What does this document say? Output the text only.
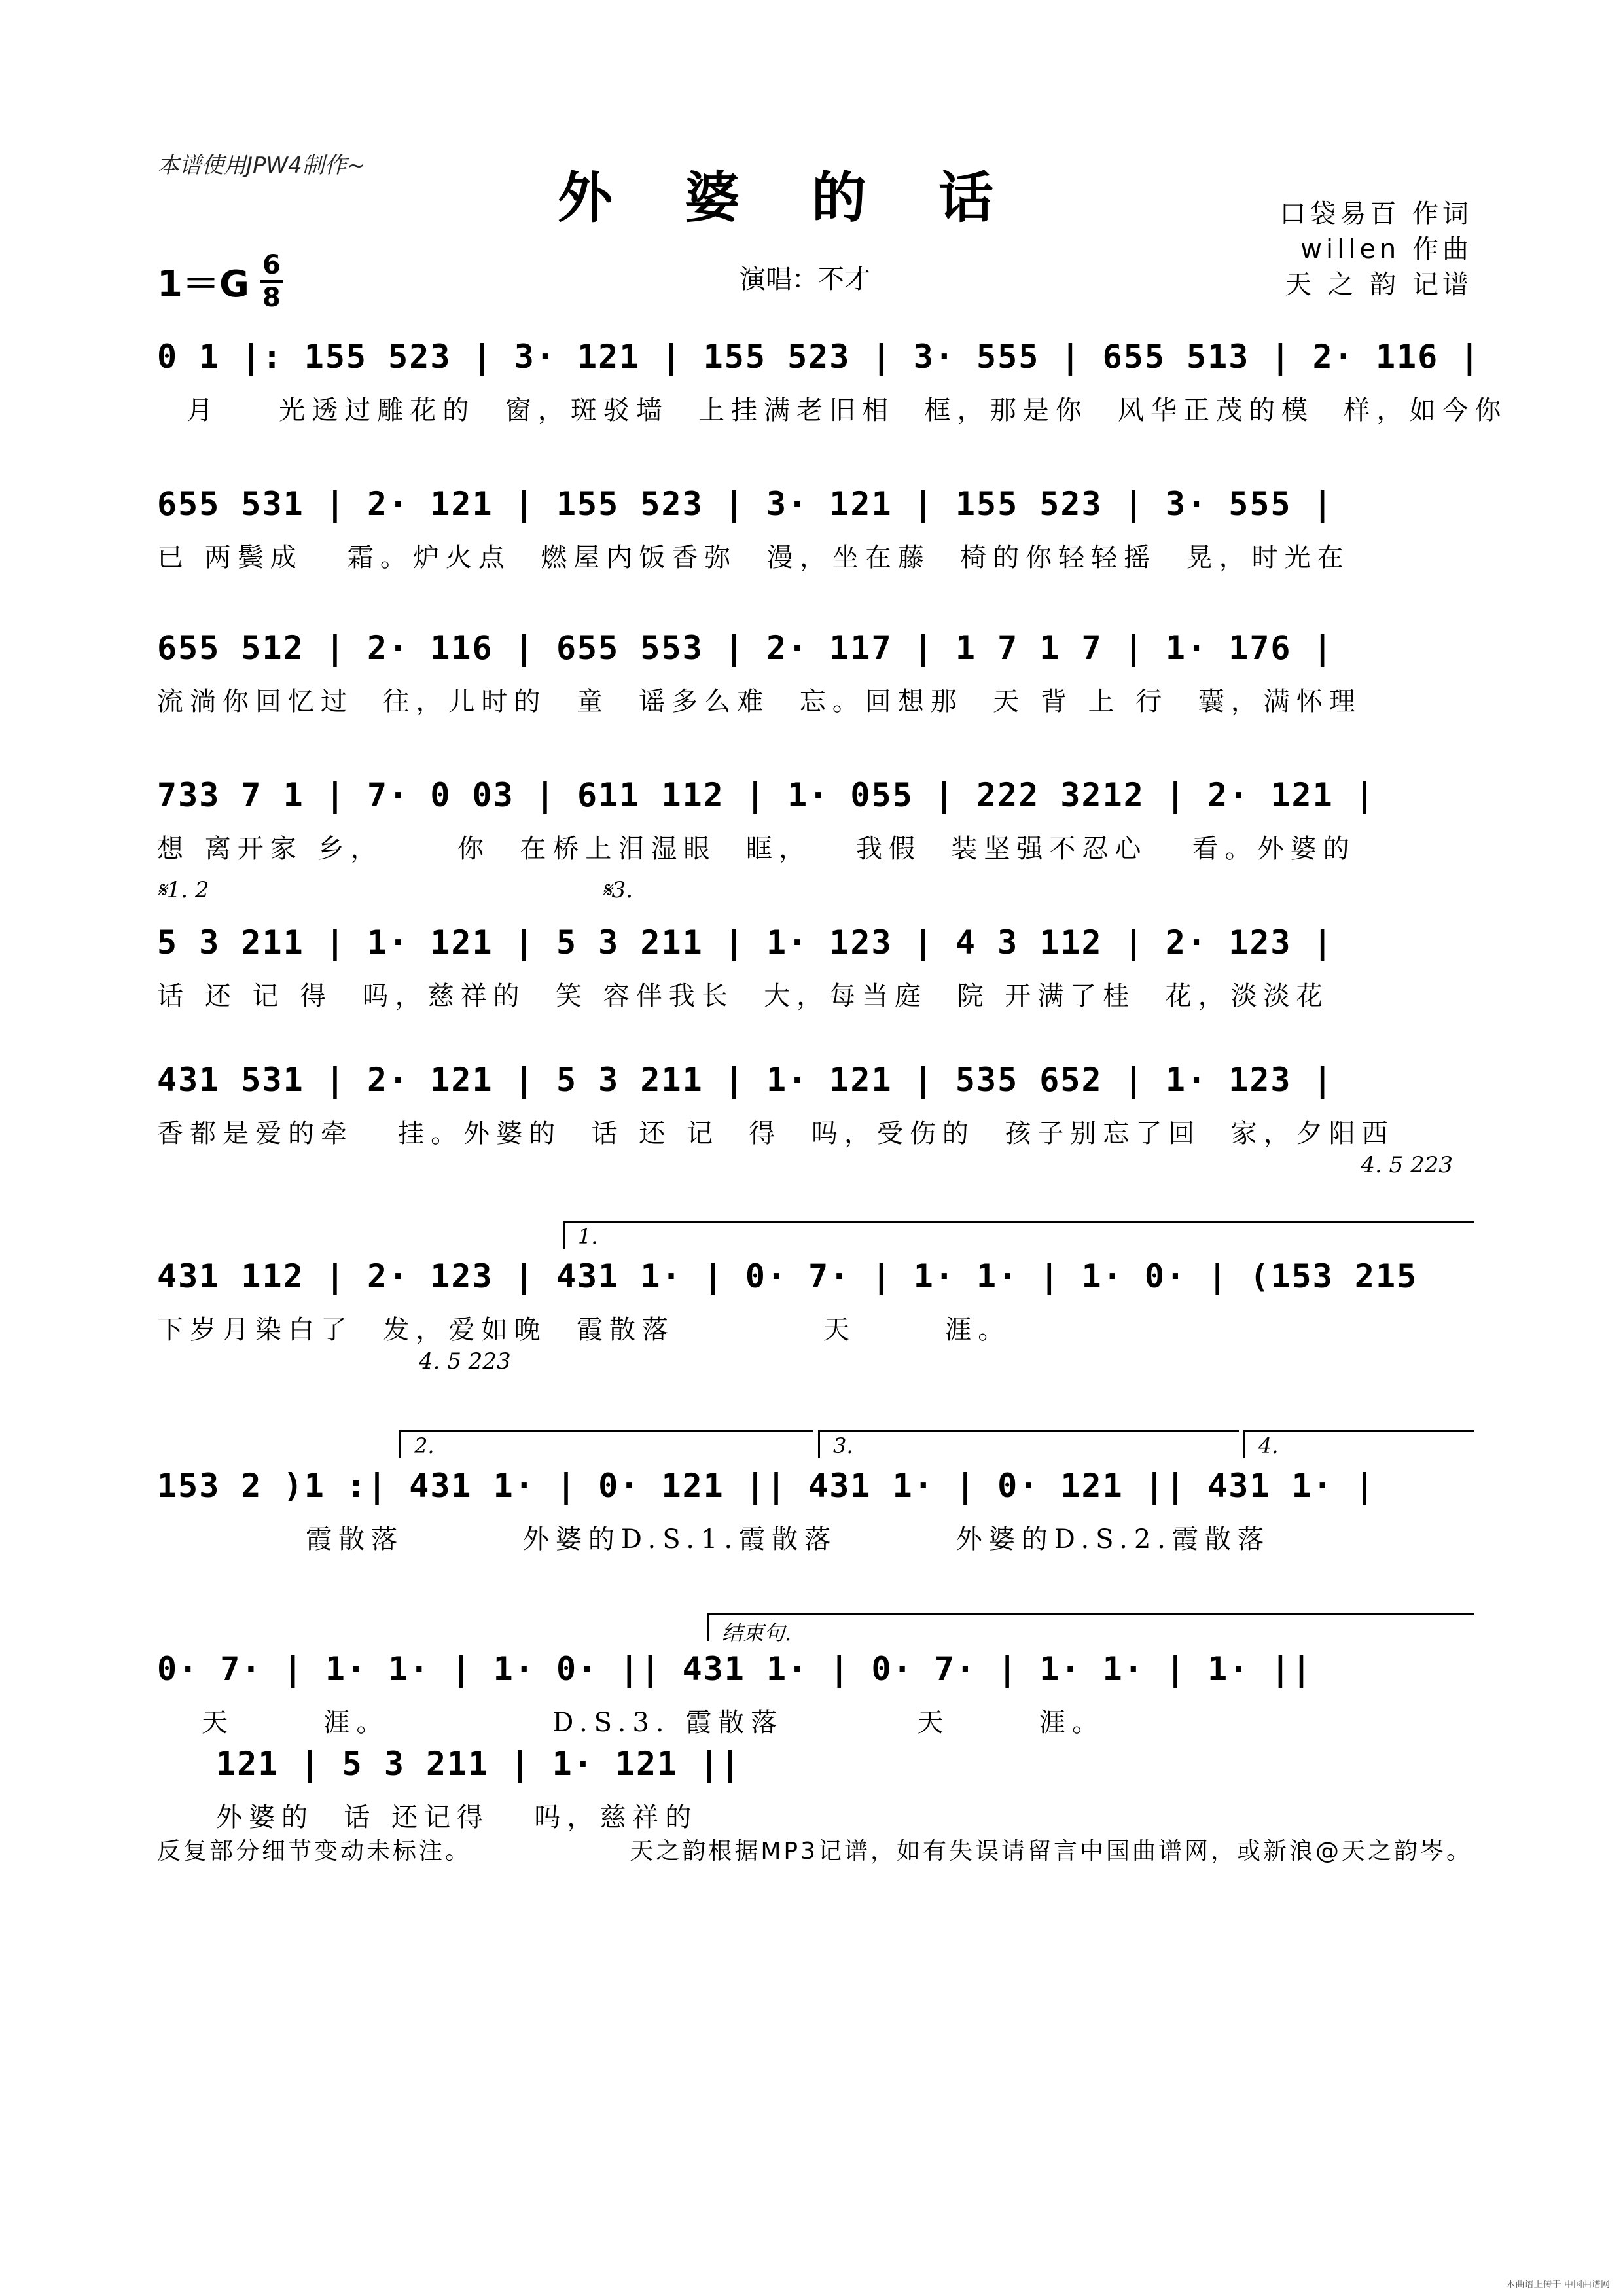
本谱使用JPW4制作~	外婆的话
$1=G \frac{6}{8}$	演唱：不才
口袋易百 作词
willen 作曲
天 之 韵 记谱
0 1 |: 155 523 | 3· 121 | 155 523 | 3· 555 | 655 513 | 2· 116 |
月    光透过雕花的  窗，斑驳墙  上挂满老旧相  框，那是你  风华正茂的模  样，如今你
655 531 | 2· 121 | 155 523 | 3· 121 | 155 523 | 3· 555 |
已 两鬓成   霜。炉火点  燃屋内饭香弥  漫，坐在藤  椅的你轻轻摇  晃，时光在
655 512 | 2· 116 | 655 553 | 2· 117 | 1 7 1 7 | 1· 176 |
流淌你回忆过  往，儿时的  童  谣多么难  忘。回想那  天 背 上 行  囊，满怀理
733 7 1 | 7· 0 03 | 611 112 | 1· 055 | 222 3212 | 2· 121 |
想 离开家 乡，     你  在桥上泪湿眼  眶，   我假  装坚强不忍心   看。外婆的
𝄋1. 2	𝄋3.
5 3 211 | 1· 121 | 5 3 211 | 1· 123 | 4 3 112 | 2· 123 |
话 还 记 得  吗，慈祥的  笑 容伴我长  大，每当庭  院 开满了桂  花，淡淡花
431 531 | 2· 121 | 5 3 211 | 1· 121 | 535 652 | 1· 123 |
香都是爱的牵   挂。外婆的  话 还 记  得  吗，受伤的  孩子别忘了回  家，夕阳西
4. 5 223
1.
431 112 | 2· 123 | 431 1· | 0· 7· | 1· 1· | 1· 0· | (153 215
下岁月染白了  发，爱如晚  霞散落          天      涯。
4. 5 223
2.	3.	4.
153 2 )1 :| 431 1· | 0· 121 || 431 1· | 0· 121 || 431 1· |
霞散落        外婆的D.S.1.霞散落        外婆的D.S.2.霞散落
结束句.
0· 7· | 1· 1· | 1· 0· || 431 1· | 0· 7· | 1· 1· | 1· ||
天      涯。           D.S.3. 霞散落         天      涯。
121 | 5 3 211 | 1· 121 ||
外婆的  话 还记得   吗，慈祥的
反复部分细节变动未标注。	天之韵根据MP3记谱，如有失误请留言中国曲谱网，或新浪@天之韵岑。
本曲谱上传于 中国曲谱网
